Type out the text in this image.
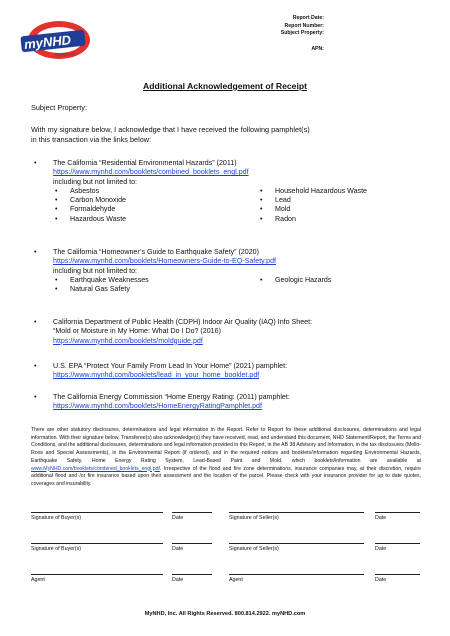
myNHD
mynhd.com
Report Date:
Report Number:
Subject Property:
APN:
Additional Acknowledgement of Receipt
Subject Property:
With my signature below, I acknowledge that I have received the following pamphlet(s)
in this transaction via the links below:
• The California “Residential Environmental Hazards” (2011)
https://www.mynhd.com/booklets/combined_booklets_engl.pdf
including but not limited to:
• Asbestos
• Carbon Monoxide
• Formaldehyde
• Hazardous Waste
• Household Hazardous Waste
• Lead
• Mold
• Radon
• The California “Homeowner’s Guide to Earthquake Safety” (2020)
https://www.mynhd.com/booklets/Homeowners-Guide-to-EQ-Safety.pdf
including but not limited to:
• Earthquake Weaknesses
• Natural Gas Safety
• Geologic Hazards
• California Department of Public Health (CDPH) Indoor Air Quality (IAQ) Info Sheet:
“Mold or Moisture in My Home: What Do I Do? (2016)
https://www.mynhd.com/booklets/moldguide.pdf
• U.S. EPA “Protect Your Family From Lead In Your Home” (2021) pamphlet:
https://www.mynhd.com/booklets/lead_in_your_home_booklet.pdf
• The California Energy Commission “Home Energy Rating: (2011) pamphlet:
https://www.mynhd.com/booklets/HomeEnergyRatingPamphlet.pdf
There are other statutory disclosures, determinations and legal information in the Report. Refer to Report for these additional disclosures, determinations and legal information. With their signature below, Transferee(s) also acknowledge(s) they have received, read, and understand this document, NHD Statement/Report, the Terms and Conditions, and the additional disclosures, determinations and legal information provided in this Report, in the AB 38 Advisory and information, in the tax disclosures (Mello-Roos and Special Assessments), in the Environmental Report (if ordered), and in the required notices and booklets/information regarding Environmental Hazards, Earthquake Safety, Home Energy Rating System, Lead-Based Paint and Mold, which booklets/information are available at www.MyNHD.com/booklets/combined_booklets_engl.pdf. Irrespective of the flood and fire zone determinations, insurance companies may, at their discretion, require additional flood and /or fire insurance based upon their assessment and the location of the parcel. Please check with your insurance provider for up to date quotes, coverages and insurability.
Signature of Buyer(s)	Date	Signature of Seller(s)	Date
Signature of Buyer(s)	Date	Signature of Seller(s)	Date
Agent	Date	Agent	Date
MyNHD, Inc. All Rights Reserved. 800.814.2922. myNHD.com
